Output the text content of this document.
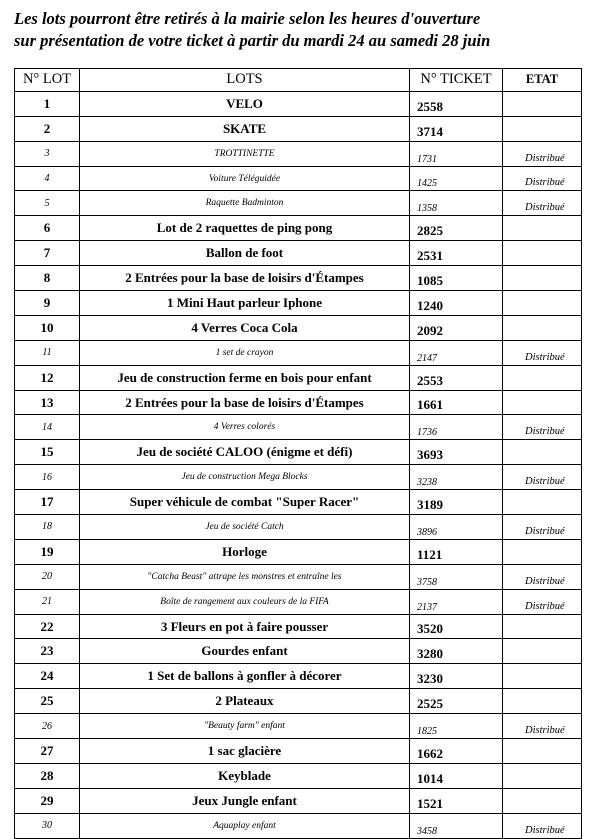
Les lots pourront être retirés à la mairie selon les heures d'ouverture
sur présentation de votre ticket à partir du mardi 24 au samedi 28 juin
N° LOT	LOTS	N° TICKET	ETAT
1	VELO	2558	
2	SKATE	3714	
3	TROTTINETTE	1731	Distribué
4	Voiture Téléguidée	1425	Distribué
5	Raquette Badminton	1358	Distribué
6	Lot de 2 raquettes de ping pong	2825	
7	Ballon de foot	2531	
8	2 Entrées pour la base de loisirs d'Étampes	1085	
9	1 Mini Haut parleur Iphone	1240	
10	4 Verres Coca Cola	2092	
11	1 set de crayon	2147	Distribué
12	Jeu de construction ferme en bois pour enfant	2553	
13	2 Entrées pour la base de loisirs d'Étampes	1661	
14	4 Verres colorés	1736	Distribué
15	Jeu de société CALOO (énigme et défi)	3693	
16	Jeu de construction Mega Blocks	3238	Distribué
17	Super véhicule de combat "Super Racer"	3189	
18	Jeu de société Catch	3896	Distribué
19	Horloge	1121	
20	"Catcha Beast" attrape les monstres et entraîne les	3758	Distribué
21	Boîte de rangement aux couleurs de la FIFA	2137	Distribué
22	3 Fleurs en pot à faire pousser	3520	
23	Gourdes enfant	3280	
24	1 Set de ballons à gonfler à décorer	3230	
25	2 Plateaux	2525	
26	"Beauty farm" enfant	1825	Distribué
27	1 sac glacière	1662	
28	Keyblade	1014	
29	Jeux Jungle enfant	1521	
30	Aquaplay enfant	3458	Distribué
